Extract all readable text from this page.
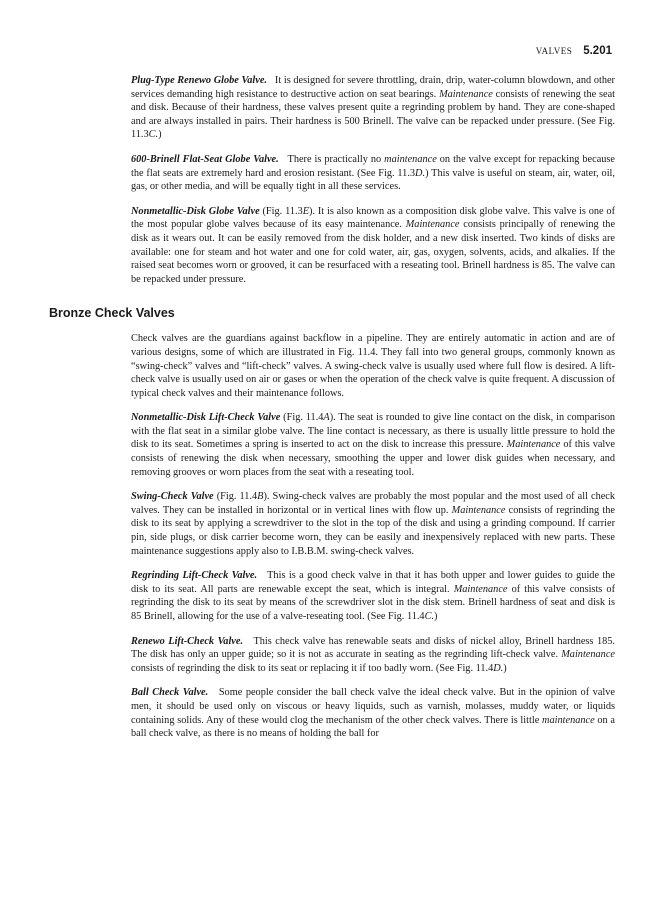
VALVES 5.201

Plug-Type Renewo Globe Valve. It is designed for severe throttling, drain, drip, water-column blowdown, and other services demanding high resistance to destructive action on seat bearings. Maintenance consists of renewing the seat and disk. Because of their hardness, these valves present quite a regrinding problem by hand. They are cone-shaped and are always installed in pairs. Their hardness is 500 Brinell. The valve can be repacked under pressure. (See Fig. 11.3C.)

600-Brinell Flat-Seat Globe Valve. There is practically no maintenance on the valve except for repacking because the flat seats are extremely hard and erosion resistant. (See Fig. 11.3D.) This valve is useful on steam, air, water, oil, gas, or other media, and will be equally tight in all these services.

Nonmetallic-Disk Globe Valve (Fig. 11.3E). It is also known as a composition disk globe valve. This valve is one of the most popular globe valves because of its easy maintenance. Maintenance consists principally of renewing the disk as it wears out. It can be easily removed from the disk holder, and a new disk inserted. Two kinds of disks are available: one for steam and hot water and one for cold water, air, gas, oxygen, solvents, acids, and alkalies. If the raised seat becomes worn or grooved, it can be resurfaced with a reseating tool. Brinell hardness is 85. The valve can be repacked under pressure.

Bronze Check Valves

Check valves are the guardians against backflow in a pipeline. They are entirely automatic in action and are of various designs, some of which are illustrated in Fig. 11.4. They fall into two general groups, commonly known as “swing-check” valves and “lift-check” valves. A swing-check valve is usually used where full flow is desired. A lift-check valve is usually used on air or gases or when the operation of the check valve is quite frequent. A discussion of typical check valves and their maintenance follows.

Nonmetallic-Disk Lift-Check Valve (Fig. 11.4A). The seat is rounded to give line contact on the disk, in comparison with the flat seat in a similar globe valve. The line contact is necessary, as there is usually little pressure to hold the disk to its seat. Sometimes a spring is inserted to act on the disk to increase this pressure. Maintenance of this valve consists of renewing the disk when necessary, smoothing the upper and lower disk guides when necessary, and removing grooves or worn places from the seat with a reseating tool.

Swing-Check Valve (Fig. 11.4B). Swing-check valves are probably the most popular and the most used of all check valves. They can be installed in horizontal or in vertical lines with flow up. Maintenance consists of regrinding the disk to its seat by applying a screwdriver to the slot in the top of the disk and using a grinding compound. If carrier pin, side plugs, or disk carrier become worn, they can be easily and inexpensively replaced with new parts. These maintenance suggestions apply also to I.B.B.M. swing-check valves.

Regrinding Lift-Check Valve. This is a good check valve in that it has both upper and lower guides to guide the disk to its seat. All parts are renewable except the seat, which is integral. Maintenance of this valve consists of regrinding the disk to its seat by means of the screwdriver slot in the disk stem. Brinell hardness of seat and disk is 85 Brinell, allowing for the use of a valve-reseating tool. (See Fig. 11.4C.)

Renewo Lift-Check Valve. This check valve has renewable seats and disks of nickel alloy, Brinell hardness 185. The disk has only an upper guide; so it is not as accurate in seating as the regrinding lift-check valve. Maintenance consists of regrinding the disk to its seat or replacing it if too badly worn. (See Fig. 11.4D.)

Ball Check Valve. Some people consider the ball check valve the ideal check valve. But in the opinion of valve men, it should be used only on viscous or heavy liquids, such as varnish, molasses, muddy water, or liquids containing solids. Any of these would clog the mechanism of the other check valves. There is little maintenance on a ball check valve, as there is no means of holding the ball for
